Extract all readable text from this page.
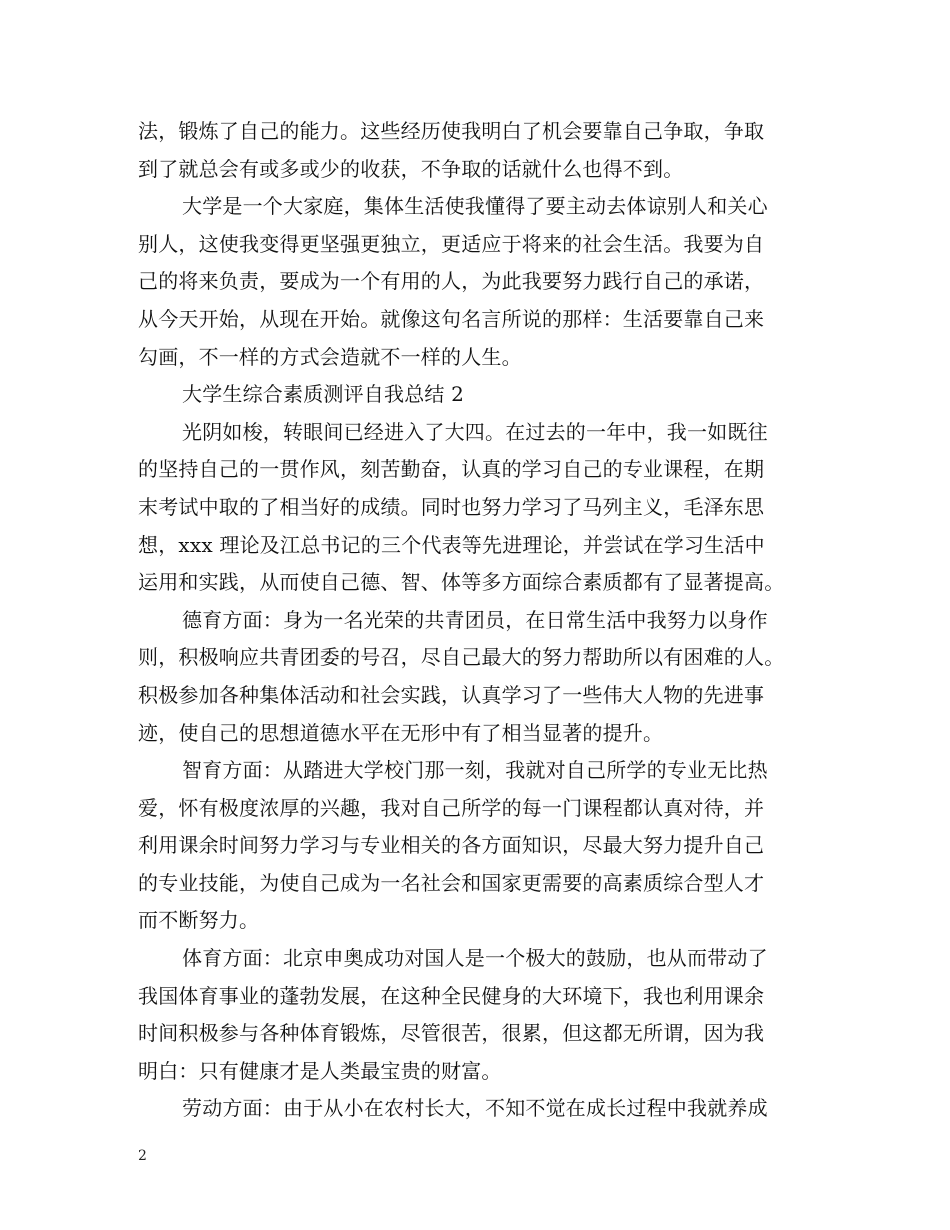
法，锻炼了自己的能力。这些经历使我明白了机会要靠自己争取，争取
到了就总会有或多或少的收获，不争取的话就什么也得不到。
大学是一个大家庭，集体生活使我懂得了要主动去体谅别人和关心
别人，这使我变得更坚强更独立，更适应于将来的社会生活。我要为自
己的将来负责，要成为一个有用的人，为此我要努力践行自己的承诺，
从今天开始，从现在开始。就像这句名言所说的那样：生活要靠自己来
勾画，不一样的方式会造就不一样的人生。
大学生综合素质测评自我总结 2
光阴如梭，转眼间已经进入了大四。在过去的一年中，我一如既往
的坚持自己的一贯作风，刻苦勤奋，认真的学习自己的专业课程，在期
末考试中取的了相当好的成绩。同时也努力学习了马列主义，毛泽东思
想，xxx 理论及江总书记的三个代表等先进理论，并尝试在学习生活中
运用和实践，从而使自己德、智、体等多方面综合素质都有了显著提高。
德育方面：身为一名光荣的共青团员，在日常生活中我努力以身作
则，积极响应共青团委的号召，尽自己最大的努力帮助所以有困难的人。
积极参加各种集体活动和社会实践，认真学习了一些伟大人物的先进事
迹，使自己的思想道德水平在无形中有了相当显著的提升。
智育方面：从踏进大学校门那一刻，我就对自己所学的专业无比热
爱，怀有极度浓厚的兴趣，我对自己所学的每一门课程都认真对待，并
利用课余时间努力学习与专业相关的各方面知识，尽最大努力提升自己
的专业技能，为使自己成为一名社会和国家更需要的高素质综合型人才
而不断努力。
体育方面：北京申奥成功对国人是一个极大的鼓励，也从而带动了
我国体育事业的蓬勃发展，在这种全民健身的大环境下，我也利用课余
时间积极参与各种体育锻炼，尽管很苦，很累，但这都无所谓，因为我
明白：只有健康才是人类最宝贵的财富。
劳动方面：由于从小在农村长大，不知不觉在成长过程中我就养成
2
